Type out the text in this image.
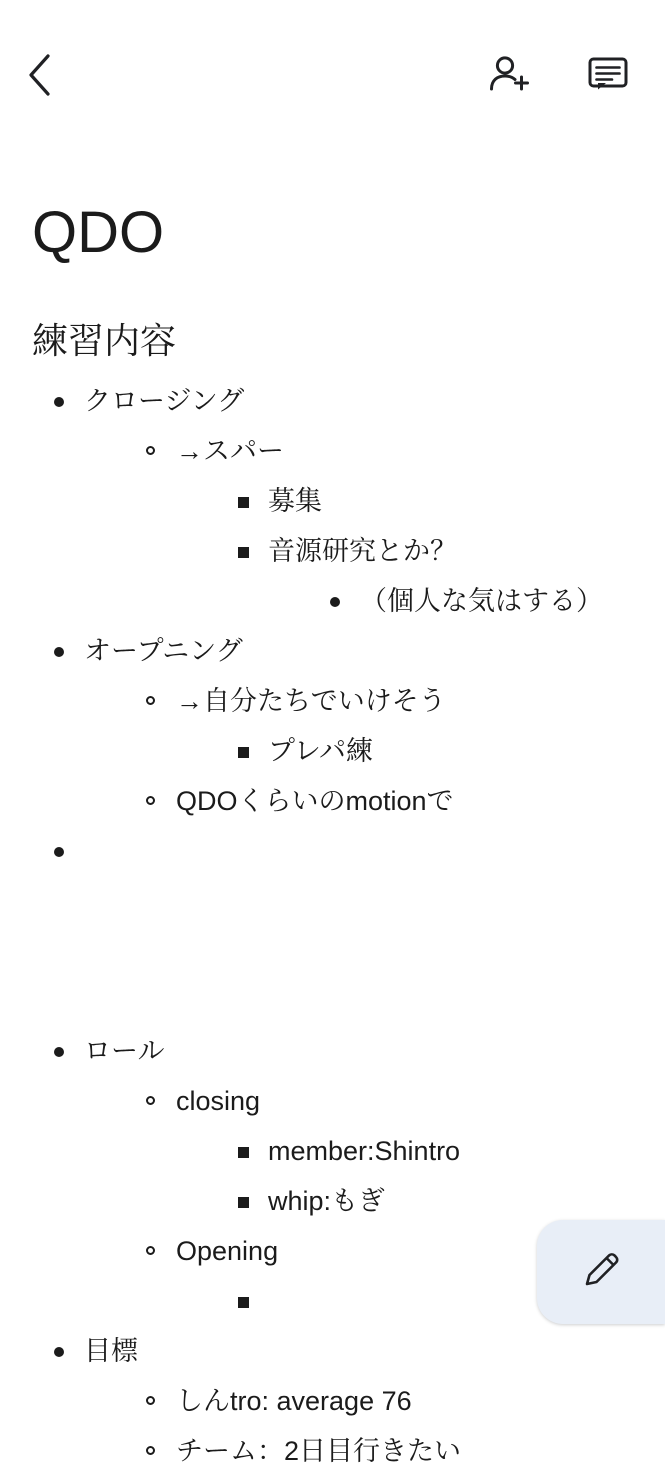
QDO
練習内容
クロージング
→スパー
募集
音源研究とか？
（個人な気はする）
オープニング
→自分たちでいけそう
プレパ練
QDOくらいのmotionで
ロール
closing
member:Shintro
whip:もぎ
Opening
目標
しんtro: average 76
チーム：2日目行きたい
